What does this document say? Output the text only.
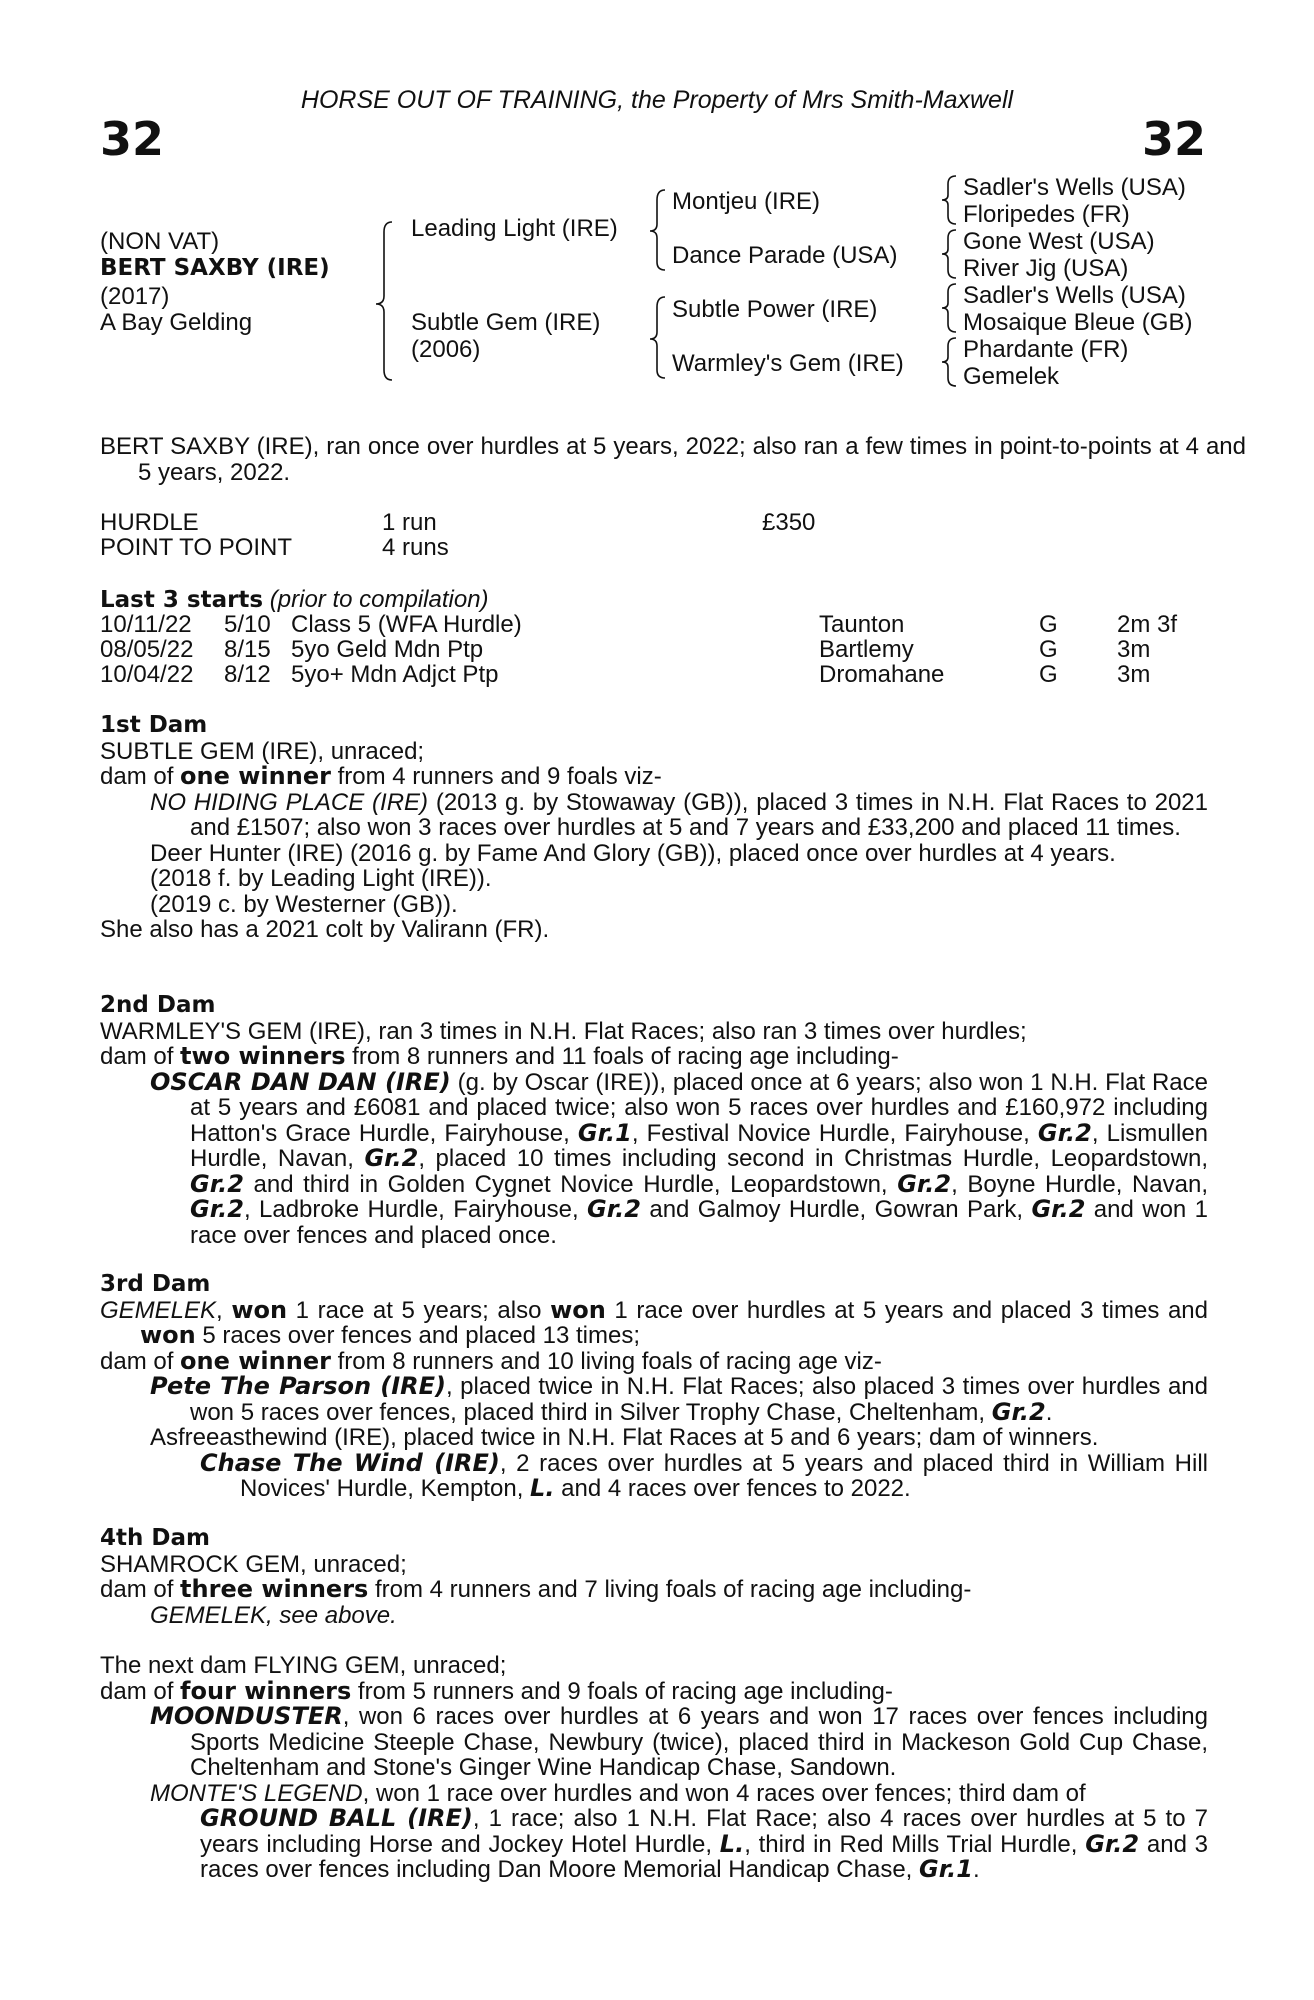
HORSE OUT OF TRAINING, the Property of Mrs Smith-Maxwell
32	32
(NON VAT)
BERT SAXBY (IRE)
(2017)
A Bay Gelding
Leading Light (IRE)
Subtle Gem (IRE)
(2006)
Montjeu (IRE)
Dance Parade (USA)
Subtle Power (IRE)
Warmley's Gem (IRE)
Sadler's Wells (USA)
Floripedes (FR)
Gone West (USA)
River Jig (USA)
Sadler's Wells (USA)
Mosaique Bleue (GB)
Phardante (FR)
Gemelek
BERT SAXBY (IRE), ran once over hurdles at 5 years, 2022; also ran a few times in point-to-points at 4 and 5 years, 2022.
HURDLE	1 run	£350
POINT TO POINT	4 runs
Last 3 starts (prior to compilation)
10/11/22 5/10 Class 5 (WFA Hurdle)	Taunton	G 2m 3f
08/05/22 8/15 5yo Geld Mdn Ptp	Bartlemy	G 3m
10/04/22 8/12 5yo+ Mdn Adjct Ptp	Dromahane	G 3m
1st Dam
SUBTLE GEM (IRE), unraced;
dam of one winner from 4 runners and 9 foals viz-
NO HIDING PLACE (IRE) (2013 g. by Stowaway (GB)), placed 3 times in N.H. Flat Races to 2021 and £1507; also won 3 races over hurdles at 5 and 7 years and £33,200 and placed 11 times.
Deer Hunter (IRE) (2016 g. by Fame And Glory (GB)), placed once over hurdles at 4 years.
(2018 f. by Leading Light (IRE)).
(2019 c. by Westerner (GB)).
She also has a 2021 colt by Valirann (FR).
2nd Dam
WARMLEY'S GEM (IRE), ran 3 times in N.H. Flat Races; also ran 3 times over hurdles;
dam of two winners from 8 runners and 11 foals of racing age including-
OSCAR DAN DAN (IRE) (g. by Oscar (IRE)), placed once at 6 years; also won 1 N.H. Flat Race at 5 years and £6081 and placed twice; also won 5 races over hurdles and £160,972 including Hatton's Grace Hurdle, Fairyhouse, Gr.1, Festival Novice Hurdle, Fairyhouse, Gr.2, Lismullen Hurdle, Navan, Gr.2, placed 10 times including second in Christmas Hurdle, Leopardstown, Gr.2 and third in Golden Cygnet Novice Hurdle, Leopardstown, Gr.2, Boyne Hurdle, Navan, Gr.2, Ladbroke Hurdle, Fairyhouse, Gr.2 and Galmoy Hurdle, Gowran Park, Gr.2 and won 1 race over fences and placed once.
3rd Dam
GEMELEK, won 1 race at 5 years; also won 1 race over hurdles at 5 years and placed 3 times and won 5 races over fences and placed 13 times;
dam of one winner from 8 runners and 10 living foals of racing age viz-
Pete The Parson (IRE), placed twice in N.H. Flat Races; also placed 3 times over hurdles and won 5 races over fences, placed third in Silver Trophy Chase, Cheltenham, Gr.2.
Asfreeasthewind (IRE), placed twice in N.H. Flat Races at 5 and 6 years; dam of winners.
Chase The Wind (IRE), 2 races over hurdles at 5 years and placed third in William Hill Novices' Hurdle, Kempton, L. and 4 races over fences to 2022.
4th Dam
SHAMROCK GEM, unraced;
dam of three winners from 4 runners and 7 living foals of racing age including-
GEMELEK, see above.
The next dam FLYING GEM, unraced;
dam of four winners from 5 runners and 9 foals of racing age including-
MOONDUSTER, won 6 races over hurdles at 6 years and won 17 races over fences including Sports Medicine Steeple Chase, Newbury (twice), placed third in Mackeson Gold Cup Chase, Cheltenham and Stone's Ginger Wine Handicap Chase, Sandown.
MONTE'S LEGEND, won 1 race over hurdles and won 4 races over fences; third dam of
GROUND BALL (IRE), 1 race; also 1 N.H. Flat Race; also 4 races over hurdles at 5 to 7 years including Horse and Jockey Hotel Hurdle, L., third in Red Mills Trial Hurdle, Gr.2 and 3 races over fences including Dan Moore Memorial Handicap Chase, Gr.1.
